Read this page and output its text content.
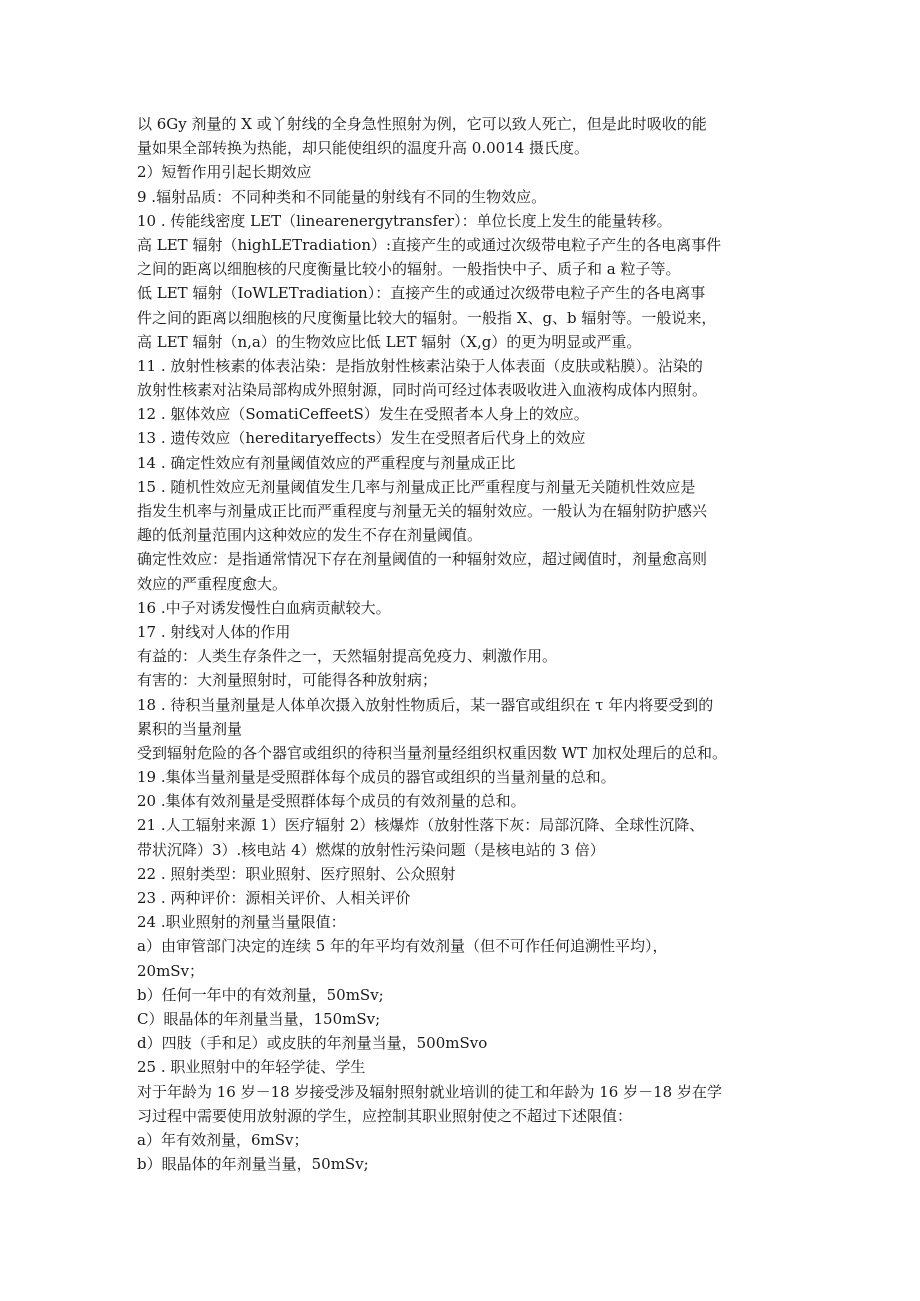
以 6Gy 剂量的 X 或丫射线的全身急性照射为例，它可以致人死亡，但是此时吸收的能
量如果全部转换为热能，却只能使组织的温度升高 0.0014 摄氏度。
2）短暂作用引起长期效应
9 .辐射品质：不同种类和不同能量的射线有不同的生物效应。
10 . 传能线密度 LET（linearenergytransfer）：单位长度上发生的能量转移。
高 LET 辐射（highLETradiation）:直接产生的或通过次级带电粒子产生的各电离事件
之间的距离以细胞核的尺度衡量比较小的辐射。一般指快中子、质子和 a 粒子等。
低 LET 辐射（IoWLETradiation）：直接产生的或通过次级带电粒子产生的各电离事
件之间的距离以细胞核的尺度衡量比较大的辐射。一般指 X、g、b 辐射等。一般说来，
高 LET 辐射（n,a）的生物效应比低 LET 辐射（X,g）的更为明显或严重。
11 . 放射性核素的体表沾染：是指放射性核素沾染于人体表面（皮肤或粘膜）。沾染的
放射性核素对沾染局部构成外照射源，同时尚可经过体表吸收进入血液构成体内照射。
12 . 躯体效应（SomatiCeffeetS）发生在受照者本人身上的效应。
13 . 遗传效应（hereditaryeffects）发生在受照者后代身上的效应
14 . 确定性效应有剂量阈值效应的严重程度与剂量成正比
15 . 随机性效应无剂量阈值发生几率与剂量成正比严重程度与剂量无关随机性效应是
指发生机率与剂量成正比而严重程度与剂量无关的辐射效应。一般认为在辐射防护感兴
趣的低剂量范围内这种效应的发生不存在剂量阈值。
确定性效应：是指通常情况下存在剂量阈值的一种辐射效应，超过阈值时，剂量愈高则
效应的严重程度愈大。
16 .中子对诱发慢性白血病贡献较大。
17 . 射线对人体的作用
有益的：人类生存条件之一，天然辐射提高免疫力、刺激作用。
有害的：大剂量照射时，可能得各种放射病；
18 . 待积当量剂量是人体单次摄入放射性物质后，某一器官或组织在 τ 年内将要受到的
累积的当量剂量
受到辐射危险的各个器官或组织的待积当量剂量经组织权重因数 WT 加权处理后的总和。
19 .集体当量剂量是受照群体每个成员的器官或组织的当量剂量的总和。
20 .集体有效剂量是受照群体每个成员的有效剂量的总和。
21 .人工辐射来源 1）医疗辐射 2）核爆炸（放射性落下灰：局部沉降、全球性沉降、
带状沉降）3）.核电站 4）燃煤的放射性污染问题（是核电站的 3 倍）
22 . 照射类型：职业照射、医疗照射、公众照射
23 . 两种评价：源相关评价、人相关评价
24 .职业照射的剂量当量限值：
a）由审管部门决定的连续 5 年的年平均有效剂量（但不可作任何追溯性平均），
20mSv；
b）任何一年中的有效剂量，50mSv;
C）眼晶体的年剂量当量，150mSv;
d）四肢（手和足）或皮肤的年剂量当量，500mSvo
25 . 职业照射中的年轻学徒、学生
对于年龄为 16 岁－18 岁接受涉及辐射照射就业培训的徒工和年龄为 16 岁－18 岁在学
习过程中需要使用放射源的学生，应控制其职业照射使之不超过下述限值：
a）年有效剂量，6mSv；
b）眼晶体的年剂量当量，50mSv;
